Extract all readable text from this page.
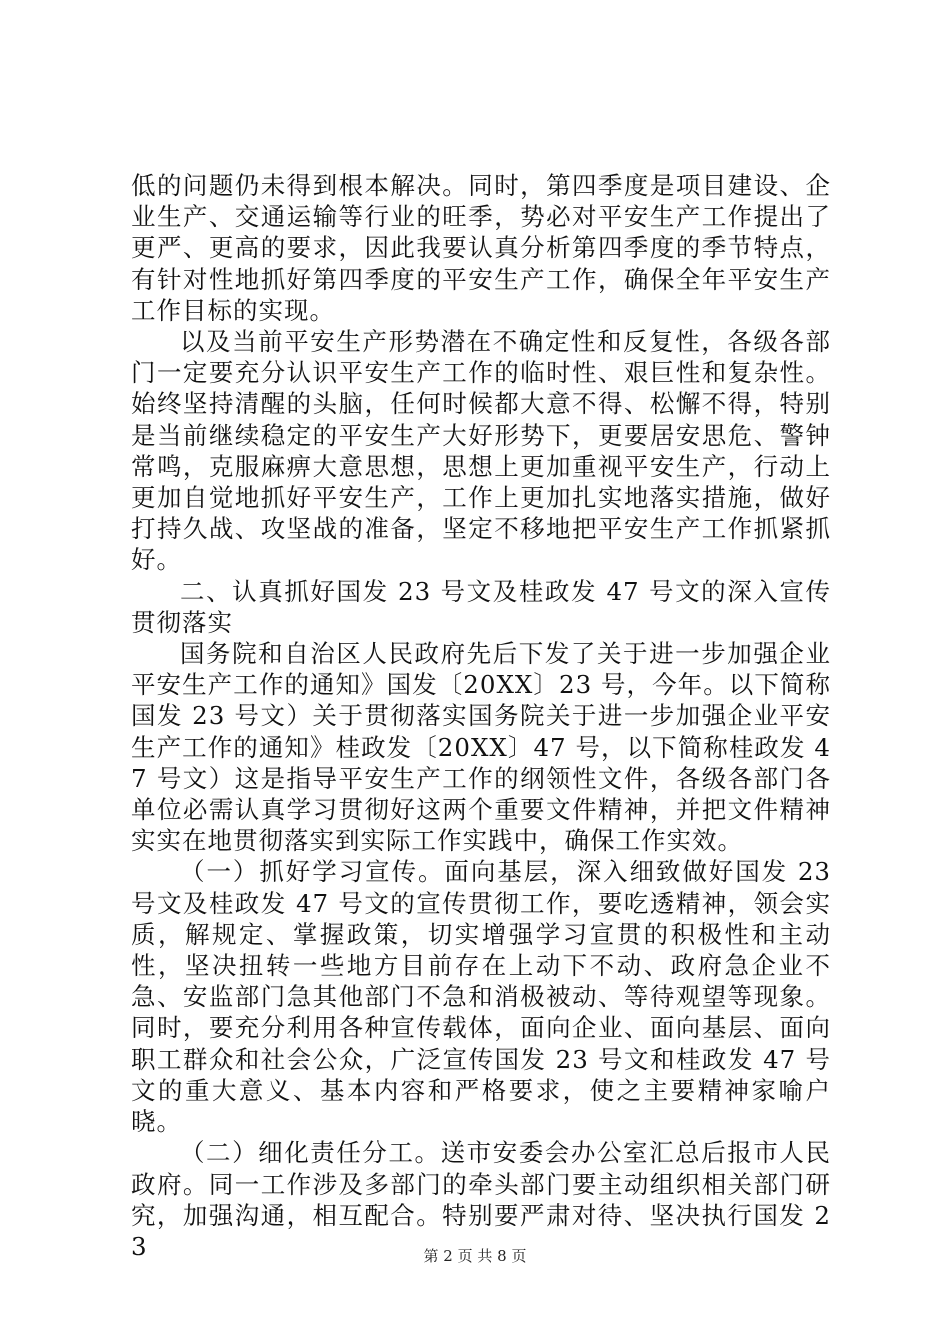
低的问题仍未得到根本解决。同时，第四季度是项目建设、企业生产、交通运输等行业的旺季，势必对平安生产工作提出了更严、更高的要求，因此我要认真分析第四季度的季节特点，有针对性地抓好第四季度的平安生产工作，确保全年平安生产工作目标的实现。

以及当前平安生产形势潜在不确定性和反复性，各级各部门一定要充分认识平安生产工作的临时性、艰巨性和复杂性。始终坚持清醒的头脑，任何时候都大意不得、松懈不得，特别是当前继续稳定的平安生产大好形势下，更要居安思危、警钟常鸣，克服麻痹大意思想，思想上更加重视平安生产，行动上更加自觉地抓好平安生产，工作上更加扎实地落实措施，做好打持久战、攻坚战的准备，坚定不移地把平安生产工作抓紧抓好。

二、认真抓好国发 23 号文及桂政发 47 号文的深入宣传贯彻落实

国务院和自治区人民政府先后下发了关于进一步加强企业平安生产工作的通知》国发〔20XX〕23 号，今年。以下简称国发 23 号文）关于贯彻落实国务院关于进一步加强企业平安生产工作的通知》桂政发〔20XX〕47 号，以下简称桂政发 47 号文）这是指导平安生产工作的纲领性文件，各级各部门各单位必需认真学习贯彻好这两个重要文件精神，并把文件精神实实在地贯彻落实到实际工作实践中，确保工作实效。

（一）抓好学习宣传。面向基层，深入细致做好国发 23 号文及桂政发 47 号文的宣传贯彻工作，要吃透精神，领会实质，解规定、掌握政策，切实增强学习宣贯的积极性和主动性，坚决扭转一些地方目前存在上动下不动、政府急企业不急、安监部门急其他部门不急和消极被动、等待观望等现象。同时，要充分利用各种宣传载体，面向企业、面向基层、面向职工群众和社会公众，广泛宣传国发 23 号文和桂政发 47 号文的重大意义、基本内容和严格要求，使之主要精神家喻户晓。

（二）细化责任分工。送市安委会办公室汇总后报市人民政府。同一工作涉及多部门的牵头部门要主动组织相关部门研究，加强沟通，相互配合。特别要严肃对待、坚决执行国发 23	第 2 页 共 8 页
